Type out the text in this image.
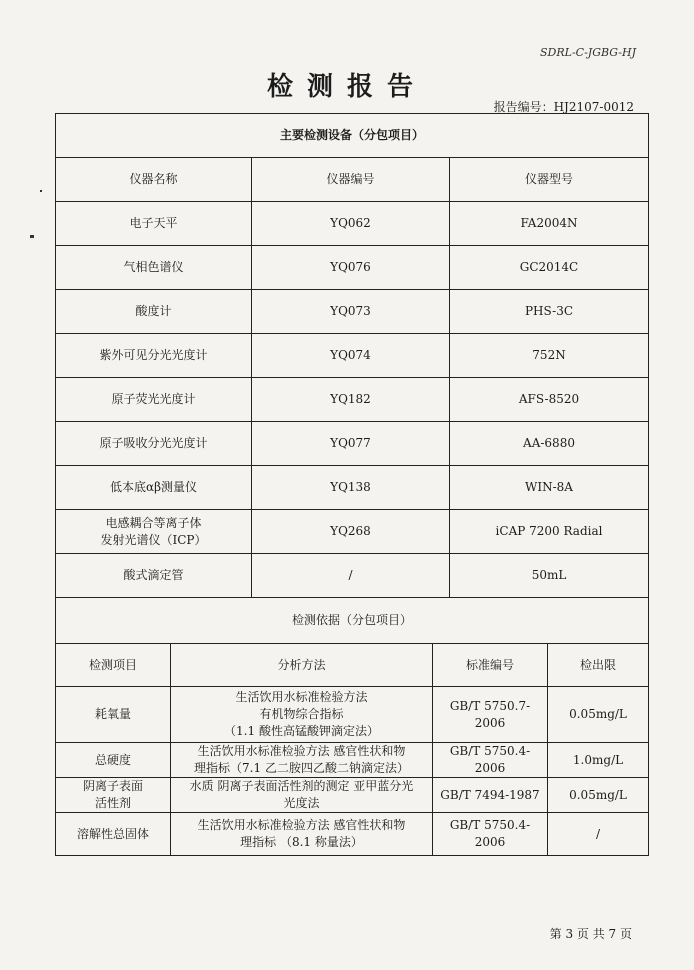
SDRL-C-JGBG-HJ
检测报告
报告编号：HJ2107-0012
主要检测设备（分包项目）		
仪器名称	仪器编号	仪器型号
电子天平	YQ062	FA2004N
气相色谱仪	YQ076	GC2014C
酸度计	YQ073	PHS-3C
紫外可见分光光度计	YQ074	752N
原子荧光光度计	YQ182	AFS-8520
原子吸收分光光度计	YQ077	AA-6880
低本底αβ测量仪	YQ138	WIN-8A
电感耦合等离子体
发射光谱仪（ICP）	YQ268	iCAP 7200 Radial
酸式滴定管	/	50mL
检测依据（分包项目）			
检测项目	分析方法	标准编号	检出限
耗氧量	生活饮用水标准检验方法
有机物综合指标
（1.1 酸性高锰酸钾滴定法）	GB/T 5750.7-2006	0.05mg/L
总硬度	生活饮用水标准检验方法 感官性状和物
理指标（7.1 乙二胺四乙酸二钠滴定法）	GB/T 5750.4-2006	1.0mg/L
阴离子表面
活性剂	水质 阴离子表面活性剂的测定 亚甲蓝分光
光度法	GB/T 7494-1987	0.05mg/L
溶解性总固体	生活饮用水标准检验方法 感官性状和物
理指标 （8.1 称量法）	GB/T 5750.4-2006	/
第 3 页 共 7 页
